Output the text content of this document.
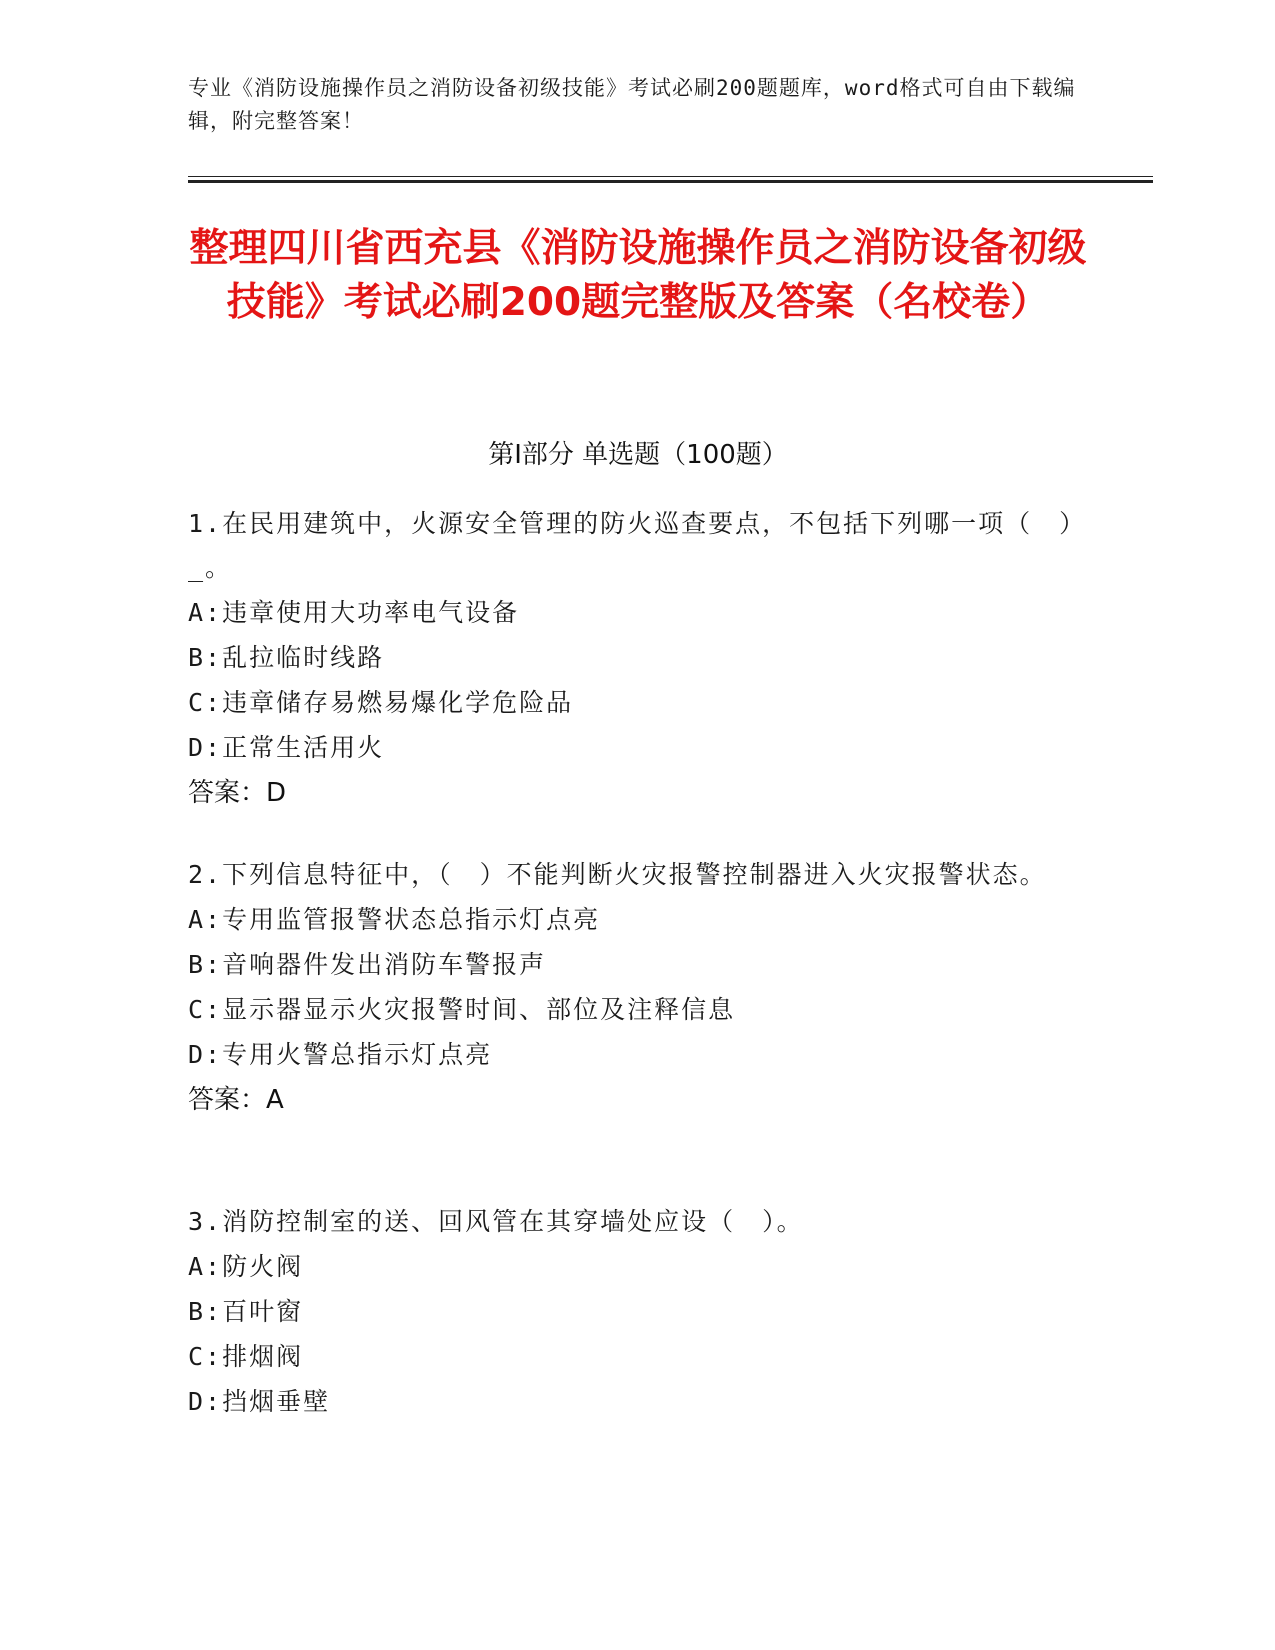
专业《消防设施操作员之消防设备初级技能》考试必刷200题题库，word格式可自由下载编辑，附完整答案！
整理四川省西充县《消防设施操作员之消防设备初级技能》考试必刷200题完整版及答案（名校卷）
第Ⅰ部分 单选题（100题）
1.在民用建筑中，火源安全管理的防火巡查要点，不包括下列哪一项（　）_。
A:违章使用大功率电气设备
B:乱拉临时线路
C:违章储存易燃易爆化学危险品
D:正常生活用火
答案：D
2.下列信息特征中，（　）不能判断火灾报警控制器进入火灾报警状态。
A:专用监管报警状态总指示灯点亮
B:音响器件发出消防车警报声
C:显示器显示火灾报警时间、部位及注释信息
D:专用火警总指示灯点亮
答案：A
3.消防控制室的送、回风管在其穿墙处应设（　）。
A:防火阀
B:百叶窗
C:排烟阀
D:挡烟垂壁
